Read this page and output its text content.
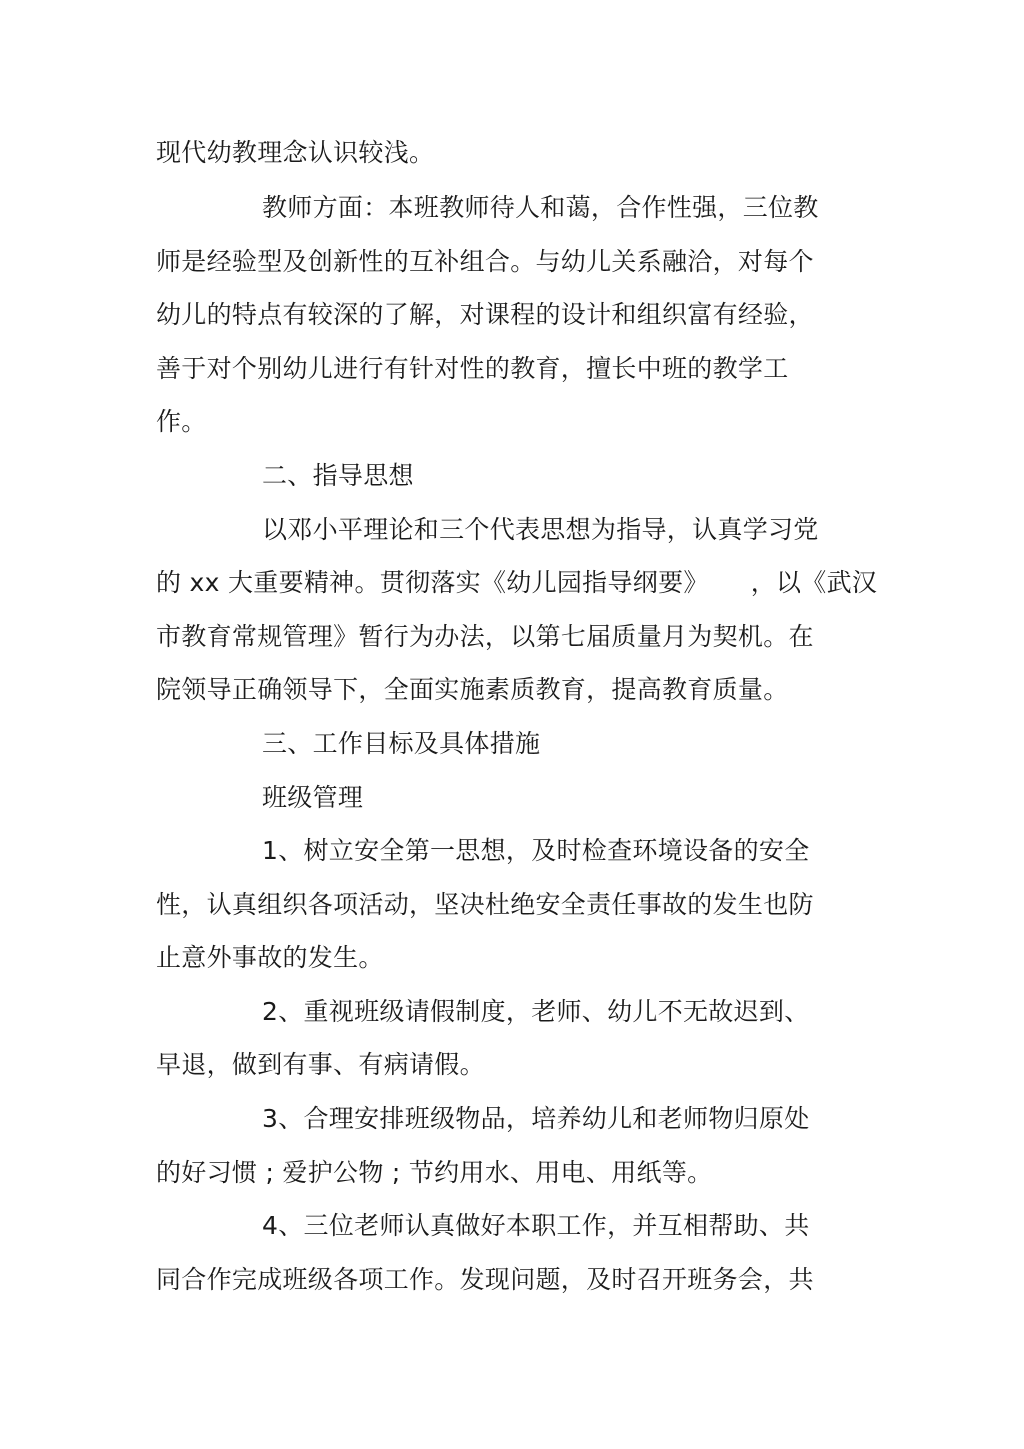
现代幼教理念认识较浅。
教师方面：本班教师待人和蔼，合作性强，三位教
师是经验型及创新性的互补组合。与幼儿关系融洽，对每个
幼儿的特点有较深的了解，对课程的设计和组织富有经验，
善于对个别幼儿进行有针对性的教育，擅长中班的教学工
作。
二、指导思想
以邓小平理论和三个代表思想为指导，认真学习党
的 xx 大重要精神。贯彻落实《幼儿园指导纲要》 ，以《武汉
市教育常规管理》暂行为办法，以第七届质量月为契机。在
院领导正确领导下，全面实施素质教育，提高教育质量。
三、工作目标及具体措施
班级管理
1、树立安全第一思想，及时检查环境设备的安全
性，认真组织各项活动，坚决杜绝安全责任事故的发生也防
止意外事故的发生。
2、重视班级请假制度，老师、幼儿不无故迟到、
早退，做到有事、有病请假。
3、合理安排班级物品，培养幼儿和老师物归原处
的好习惯 ; 爱护公物 ; 节约用水、用电、用纸等。
4、三位老师认真做好本职工作，并互相帮助、共
同合作完成班级各项工作。发现问题，及时召开班务会，共
